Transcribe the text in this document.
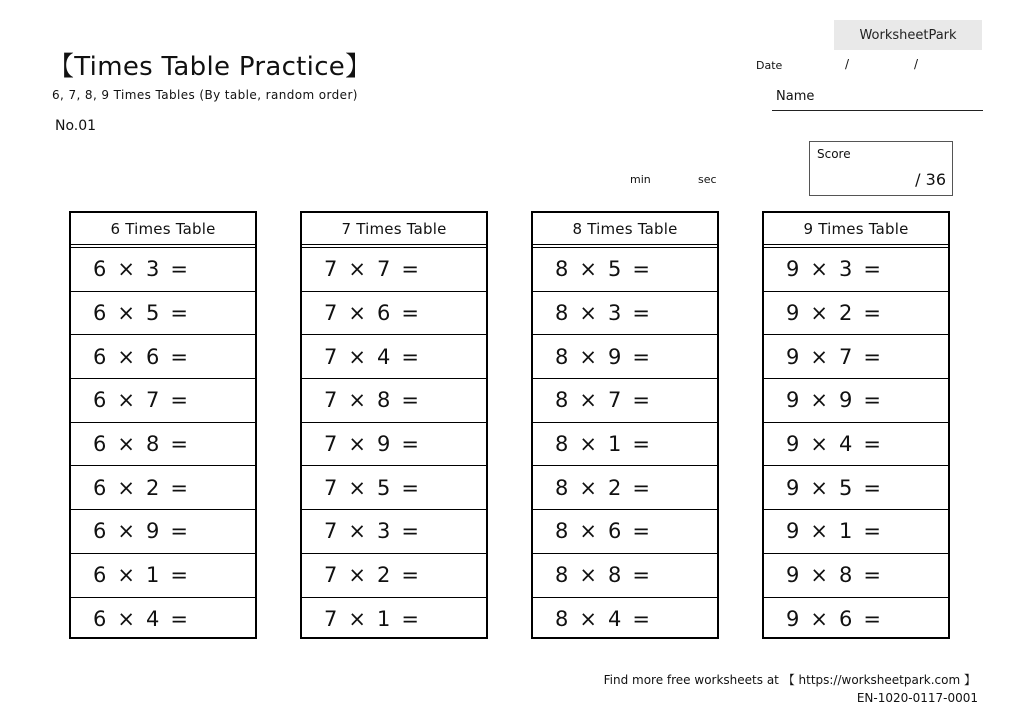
WorksheetPark
【Times Table Practice】
6, 7, 8, 9 Times Tables (By table, random order)
No.01
Date	/	/
Name
min	sec
Score
/ 36
6 Times Table
6 × 3 =
6 × 5 =
6 × 6 =
6 × 7 =
6 × 8 =
6 × 2 =
6 × 9 =
6 × 1 =
6 × 4 =
7 Times Table
7 × 7 =
7 × 6 =
7 × 4 =
7 × 8 =
7 × 9 =
7 × 5 =
7 × 3 =
7 × 2 =
7 × 1 =
8 Times Table
8 × 5 =
8 × 3 =
8 × 9 =
8 × 7 =
8 × 1 =
8 × 2 =
8 × 6 =
8 × 8 =
8 × 4 =
9 Times Table
9 × 3 =
9 × 2 =
9 × 7 =
9 × 9 =
9 × 4 =
9 × 5 =
9 × 1 =
9 × 8 =
9 × 6 =
Find more free worksheets at 【 https://worksheetpark.com 】
EN-1020-0117-0001
